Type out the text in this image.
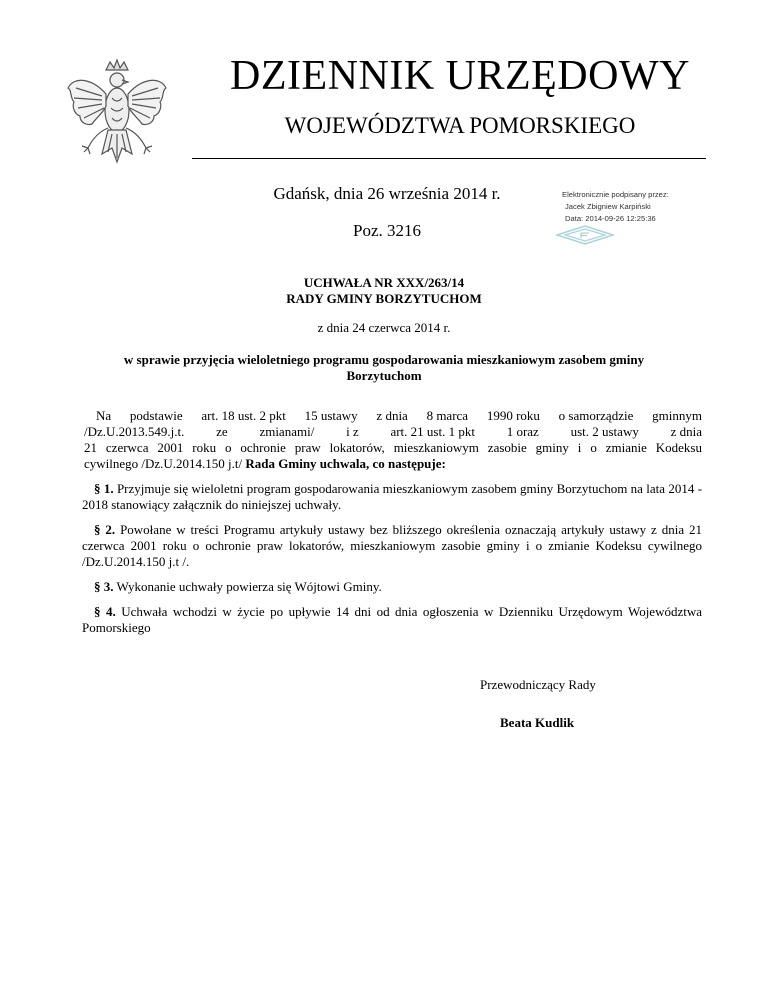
DZIENNIK URZĘDOWY
WOJEWÓDZTWA POMORSKIEGO
Gdańsk, dnia 26 września 2014 r.
Poz. 3216
Elektronicznie podpisany przez:
Jacek Zbigniew Karpiński
Data: 2014-09-26 12:25:36
UCHWAŁA NR XXX/263/14
RADY GMINY BORZYTUCHOM
z dnia 24 czerwca 2014 r.
w sprawie przyjęcia wieloletniego programu gospodarowania mieszkaniowym zasobem gminy
Borzytuchom

Na podstawie art. 18 ust. 2 pkt 15 ustawy z dnia 8 marca 1990 roku o samorządzie gminnym
/Dz.U.2013.549.j.t. ze zmianami/ i z art. 21 ust. 1 pkt 1 oraz ust. 2 ustawy z dnia
21 czerwca 2001 roku o ochronie praw lokatorów, mieszkaniowym zasobie gminy i o zmianie Kodeksu
cywilnego /Dz.U.2014.150 j.t/ Rada Gminy uchwala, co następuje:

§ 1. Przyjmuje się wieloletni program gospodarowania mieszkaniowym zasobem gminy Borzytuchom na lata 2014 - 2018 stanowiący załącznik do niniejszej uchwały.

§ 2. Powołane w treści Programu artykuły ustawy bez bliższego określenia oznaczają artykuły ustawy z dnia 21 czerwca 2001 roku o ochronie praw lokatorów, mieszkaniowym zasobie gminy i o zmianie Kodeksu cywilnego /Dz.U.2014.150 j.t /.

§ 3. Wykonanie uchwały powierza się Wójtowi Gminy.

§ 4. Uchwała wchodzi w życie po upływie 14 dni od dnia ogłoszenia w Dzienniku Urzędowym Województwa Pomorskiego

Przewodniczący Rady
Beata Kudlik
